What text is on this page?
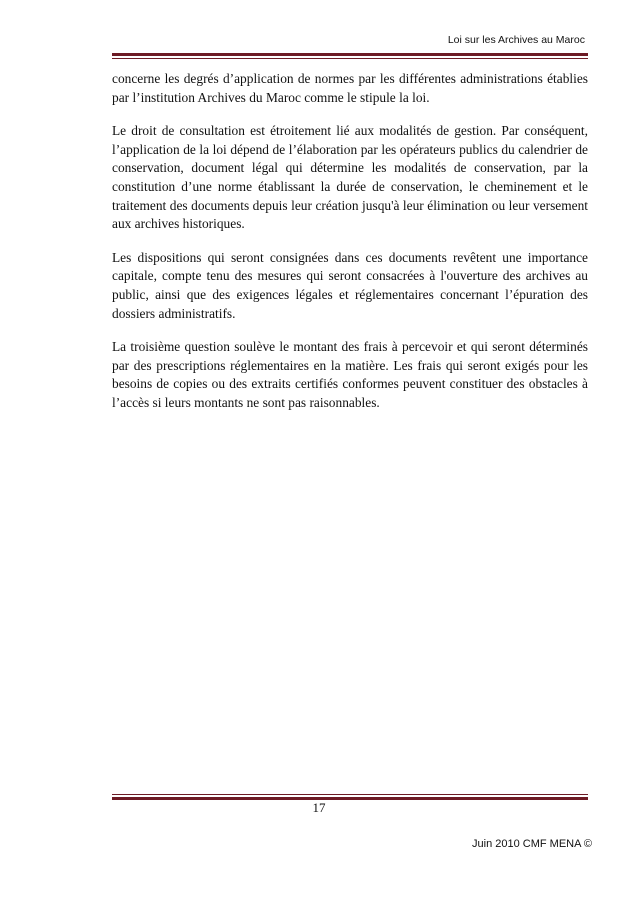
Loi sur les Archives au Maroc

concerne les degrés d’application de normes par les différentes administrations établies par l’institution Archives du Maroc comme le stipule la loi.

Le droit de consultation est étroitement lié aux modalités de gestion. Par conséquent, l’application de la loi dépend de l’élaboration par les opérateurs publics du calendrier de conservation, document légal qui détermine les modalités de conservation, par la constitution d’une norme établissant la durée de conservation, le cheminement et le traitement des documents depuis leur création jusqu'à leur élimination ou leur versement aux archives historiques.

Les dispositions qui seront consignées dans ces documents revêtent une importance capitale, compte tenu des mesures qui seront consacrées à l'ouverture des archives au public, ainsi que des exigences légales et réglementaires concernant l’épuration des dossiers administratifs.

La troisième question soulève le montant des frais à percevoir et qui seront déterminés par des prescriptions réglementaires en la matière. Les frais qui seront exigés pour les besoins de copies ou des extraits certifiés conformes peuvent constituer des obstacles à l’accès si leurs montants ne sont pas raisonnables.

17
Juin 2010 CMF MENA ©
